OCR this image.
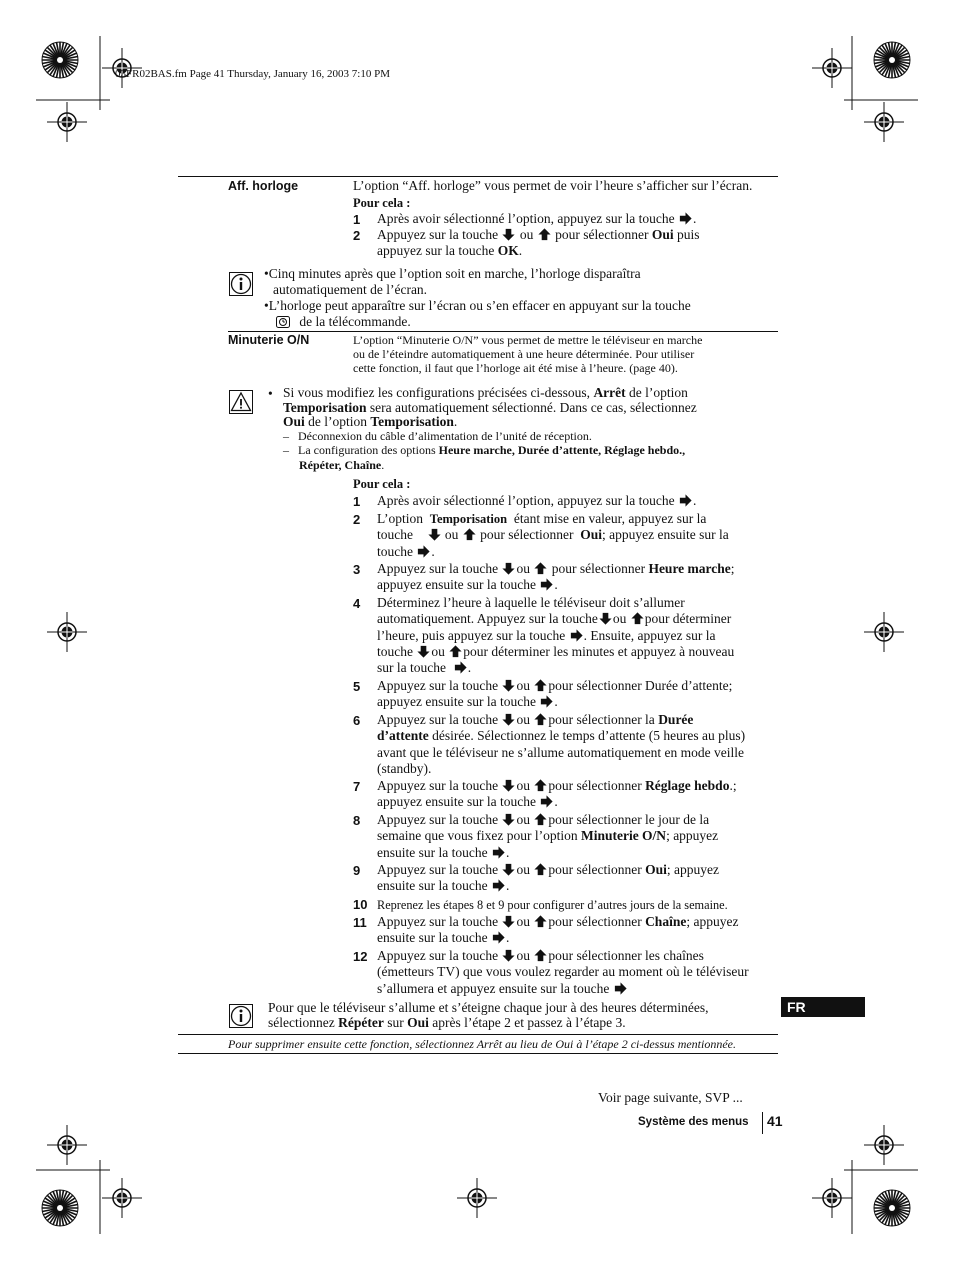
03FR02BAS.fm Page 41 Thursday, January 16, 2003 7:10 PM
Aff. horloge	L’option “Aff. horloge” vous permet de voir l’heure s’afficher sur l’écran.
Pour cela :
1 Après avoir sélectionné l’option, appuyez sur la touche .
2 Appuyez sur la touche ou pour sélectionner Oui puis
appuyez sur la touche OK.
•Cinq minutes après que l’option soit en marche, l’horloge disparaîtra
automatiquement de l’écran.
•L’horloge peut apparaître sur l’écran ou s’en effacer en appuyant sur la touche
de la télécommande.
Minuterie O/N	L’option “Minuterie O/N” vous permet de mettre le téléviseur en marche
ou de l’éteindre automatiquement à une heure déterminée. Pour utiliser
cette fonction, il faut que l’horloge ait été mise à l’heure. (page 40).
• Si vous modifiez les configurations précisées ci-dessous, Arrêt de l’option
Temporisation sera automatiquement sélectionné. Dans ce cas, sélectionnez
Oui de l’option Temporisation.
–   Déconnexion du câble d’alimentation de l’unité de réception.
–   La configuration des options Heure marche, Durée d’attente, Réglage hebdo.,
Répéter, Chaîne.
Pour cela :
1
2
3
4
5
6
7
8
9
10
11
12
Après avoir sélectionné l’option, appuyez sur la touche .
L’option Temporisation étant mise en valeur, appuyez sur la
touche ou pour sélectionner Oui; appuyez ensuite sur la
touche .
Appuyez sur la touche ou pour sélectionner Heure marche;
appuyez ensuite sur la touche .
Déterminez l’heure à laquelle le téléviseur doit s’allumer
automatiquement. Appuyez sur la touche ou pour déterminer
l’heure, puis appuyez sur la touche . Ensuite, appuyez sur la
touche ou pour déterminer les minutes et appuyez à nouveau
sur la touche .
Appuyez sur la touche ou pour sélectionner Durée d’attente;
appuyez ensuite sur la touche .
Appuyez sur la touche ou pour sélectionner la Durée
d’attente désirée. Sélectionnez le temps d’attente (5 heures au plus)
avant que le téléviseur ne s’allume automatiquement en mode veille
(standby).
Appuyez sur la touche ou pour sélectionner Réglage hebdo.;
appuyez ensuite sur la touche .
Appuyez sur la touche ou pour sélectionner le jour de la
semaine que vous fixez pour l’option Minuterie O/N; appuyez
ensuite sur la touche .
Appuyez sur la touche ou pour sélectionner Oui; appuyez
ensuite sur la touche .
Reprenez les étapes 8 et 9 pour configurer d’autres jours de la semaine.
Appuyez sur la touche ou pour sélectionner Chaîne; appuyez
ensuite sur la touche .
Appuyez sur la touche ou pour sélectionner les chaînes
(émetteurs TV) que vous voulez regarder au moment où le téléviseur
s’allumera et appuyez ensuite sur la touche
Pour que le téléviseur s’allume et s’éteigne chaque jour à des heures déterminées,
sélectionnez Répéter sur Oui après l’étape 2 et passez à l’étape 3.
FR
Pour supprimer ensuite cette fonction, sélectionnez Arrêt au lieu de Oui à l’étape 2 ci-dessus mentionnée.
Voir page suivante, SVP ...
Système des menus 41
